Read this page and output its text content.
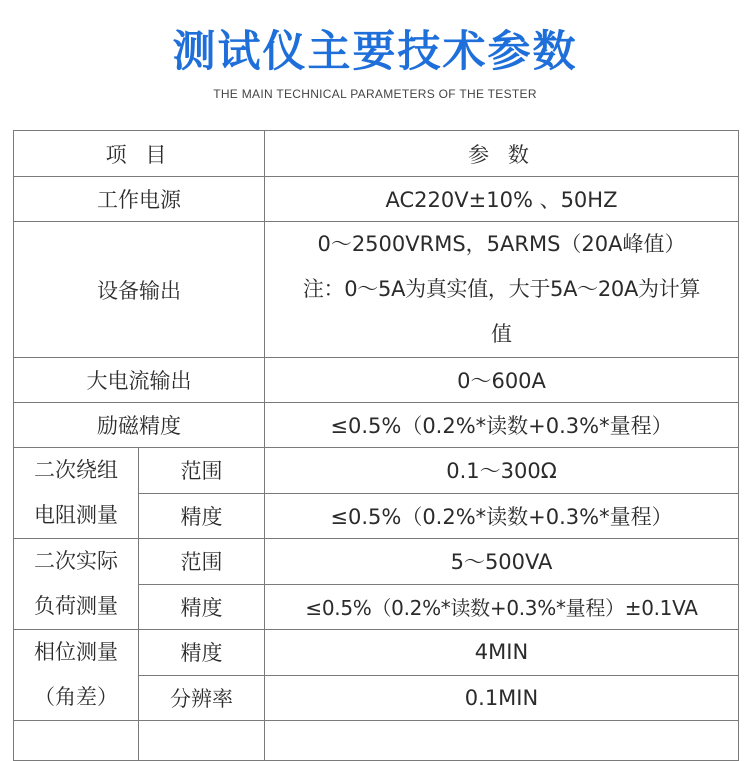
测试仪主要技术参数
THE MAIN TECHNICAL PARAMETERS OF THE TESTER
项 目		参 数
工作电源		AC220V±10% 、50HZ
设备输出		0～2500VRMS，5ARMS（20A峰值）
注：0～5A为真实值，大于5A～20A为计算
值

大电流输出		0～600A
励磁精度		≤0.5%（0.2%*读数+0.3%*量程）

二次绕组
电阻测量	范围	0.1～300Ω
	精度	≤0.5%（0.2%*读数+0.3%*量程）

二次实际
负荷测量	范围	5～500VA
	精度	≤0.5%（0.2%*读数+0.3%*量程）±0.1VA

相位测量
（角差）	精度	4MIN
	分辨率	0.1MIN
